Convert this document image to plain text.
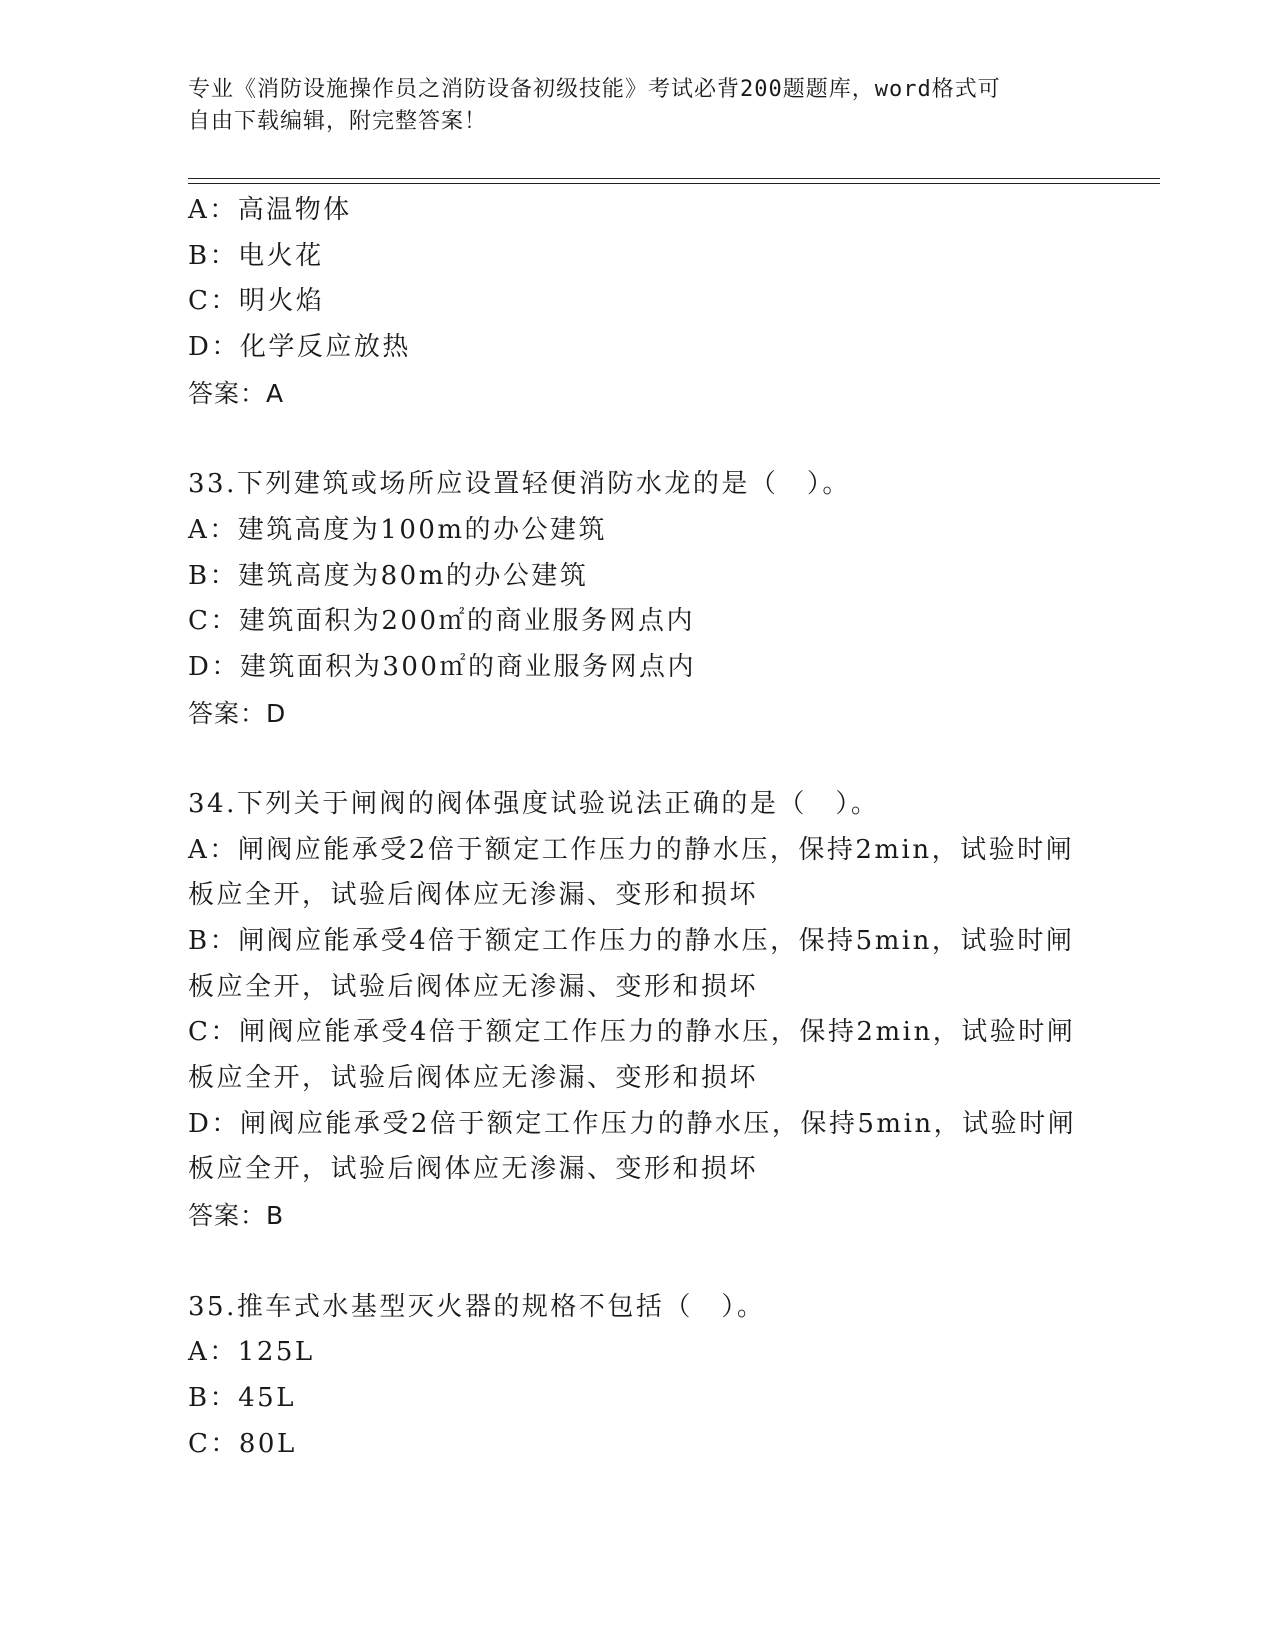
专业《消防设施操作员之消防设备初级技能》考试必背200题题库，word格式可
自由下载编辑，附完整答案！
A：高温物体
B：电火花
C：明火焰
D：化学反应放热
答案：A
33.下列建筑或场所应设置轻便消防水龙的是（　）。
A：建筑高度为100m的办公建筑
B：建筑高度为80m的办公建筑
C：建筑面积为200㎡的商业服务网点内
D：建筑面积为300㎡的商业服务网点内
答案：D
34.下列关于闸阀的阀体强度试验说法正确的是（　）。
A：闸阀应能承受2倍于额定工作压力的静水压，保持2min，试验时闸
板应全开，试验后阀体应无渗漏、变形和损坏
B：闸阀应能承受4倍于额定工作压力的静水压，保持5min，试验时闸
板应全开，试验后阀体应无渗漏、变形和损坏
C：闸阀应能承受4倍于额定工作压力的静水压，保持2min，试验时闸
板应全开，试验后阀体应无渗漏、变形和损坏
D：闸阀应能承受2倍于额定工作压力的静水压，保持5min，试验时闸
板应全开，试验后阀体应无渗漏、变形和损坏
答案：B
35.推车式水基型灭火器的规格不包括（　）。
A：125L
B：45L
C：80L
